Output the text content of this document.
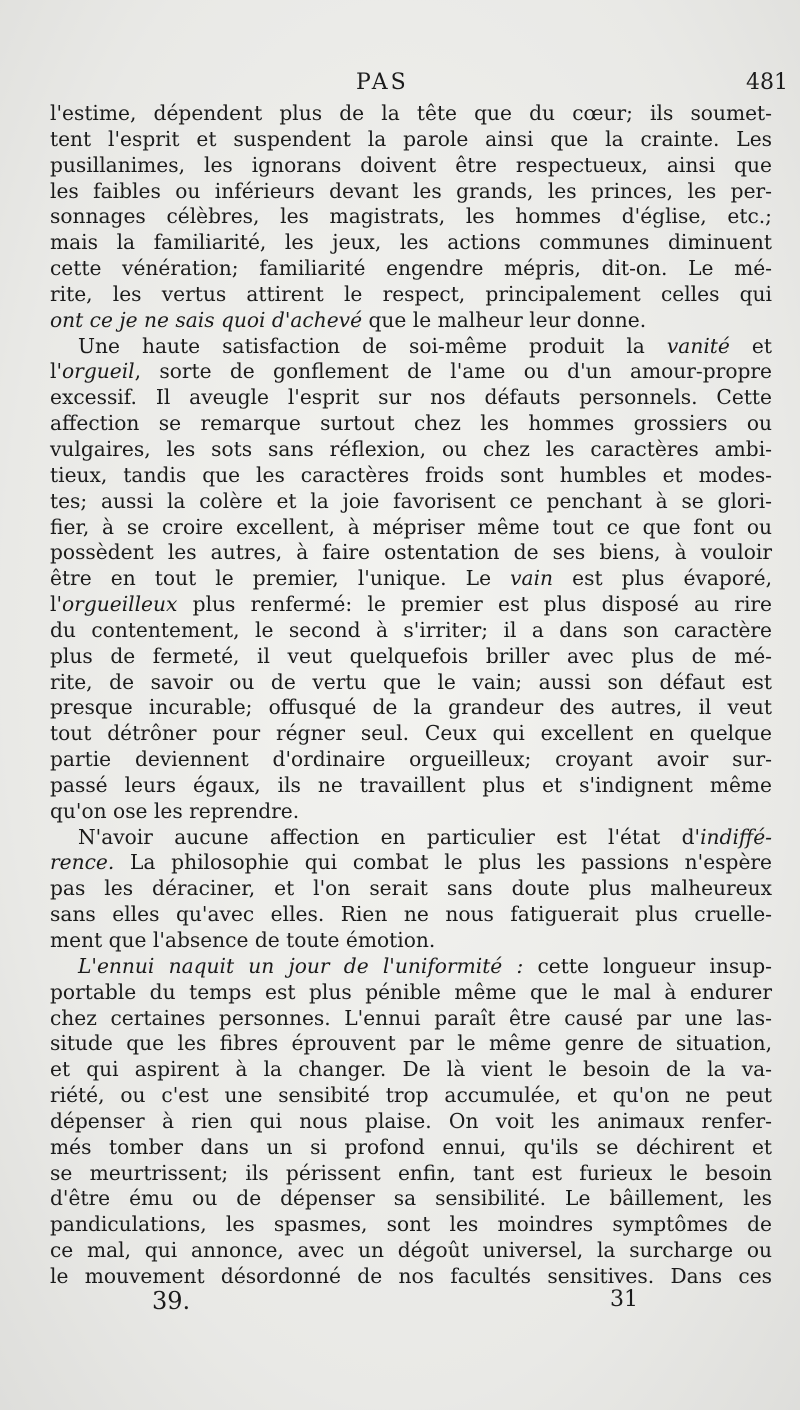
PAS	481

l'estime, dépendent plus de la tête que du cœur; ils soumet-
tent l'esprit et suspendent la parole ainsi que la crainte. Les
pusillanimes, les ignorans doivent être respectueux, ainsi que
les faibles ou inférieurs devant les grands, les princes, les per-
sonnages célèbres, les magistrats, les hommes d'église, etc.;
mais la familiarité, les jeux, les actions communes diminuent
cette vénération; familiarité engendre mépris, dit-on. Le mé-
rite, les vertus attirent le respect, principalement celles qui
ont ce je ne sais quoi d'achevé que le malheur leur donne.

Une haute satisfaction de soi-même produit la vanité et
l'orgueil, sorte de gonflement de l'ame ou d'un amour-propre
excessif. Il aveugle l'esprit sur nos défauts personnels. Cette
affection se remarque surtout chez les hommes grossiers ou
vulgaires, les sots sans réflexion, ou chez les caractères ambi-
tieux, tandis que les caractères froids sont humbles et modes-
tes; aussi la colère et la joie favorisent ce penchant à se glori-
fier, à se croire excellent, à mépriser même tout ce que font ou
possèdent les autres, à faire ostentation de ses biens, à vouloir
être en tout le premier, l'unique. Le vain est plus évaporé,
l'orgueilleux plus renfermé: le premier est plus disposé au rire
du contentement, le second à s'irriter; il a dans son caractère
plus de fermeté, il veut quelquefois briller avec plus de mé-
rite, de savoir ou de vertu que le vain; aussi son défaut est
presque incurable; offusqué de la grandeur des autres, il veut
tout détrôner pour régner seul. Ceux qui excellent en quelque
partie deviennent d'ordinaire orgueilleux; croyant avoir sur-
passé leurs égaux, ils ne travaillent plus et s'indignent même
qu'on ose les reprendre.

N'avoir aucune affection en particulier est l'état d'indiffé-
rence. La philosophie qui combat le plus les passions n'espère
pas les déraciner, et l'on serait sans doute plus malheureux
sans elles qu'avec elles. Rien ne nous fatiguerait plus cruelle-
ment que l'absence de toute émotion.

L'ennui naquit un jour de l'uniformité : cette longueur insup-
portable du temps est plus pénible même que le mal à endurer
chez certaines personnes. L'ennui paraît être causé par une las-
situde que les fibres éprouvent par le même genre de situation,
et qui aspirent à la changer. De là vient le besoin de la va-
riété, ou c'est une sensibité trop accumulée, et qu'on ne peut
dépenser à rien qui nous plaise. On voit les animaux renfer-
més tomber dans un si profond ennui, qu'ils se déchirent et
se meurtrissent; ils périssent enfin, tant est furieux le besoin
d'être ému ou de dépenser sa sensibilité. Le bâillement, les
pandiculations, les spasmes, sont les moindres symptômes de
ce mal, qui annonce, avec un dégoût universel, la surcharge ou
le mouvement désordonné de nos facultés sensitives. Dans ces

39.	31
